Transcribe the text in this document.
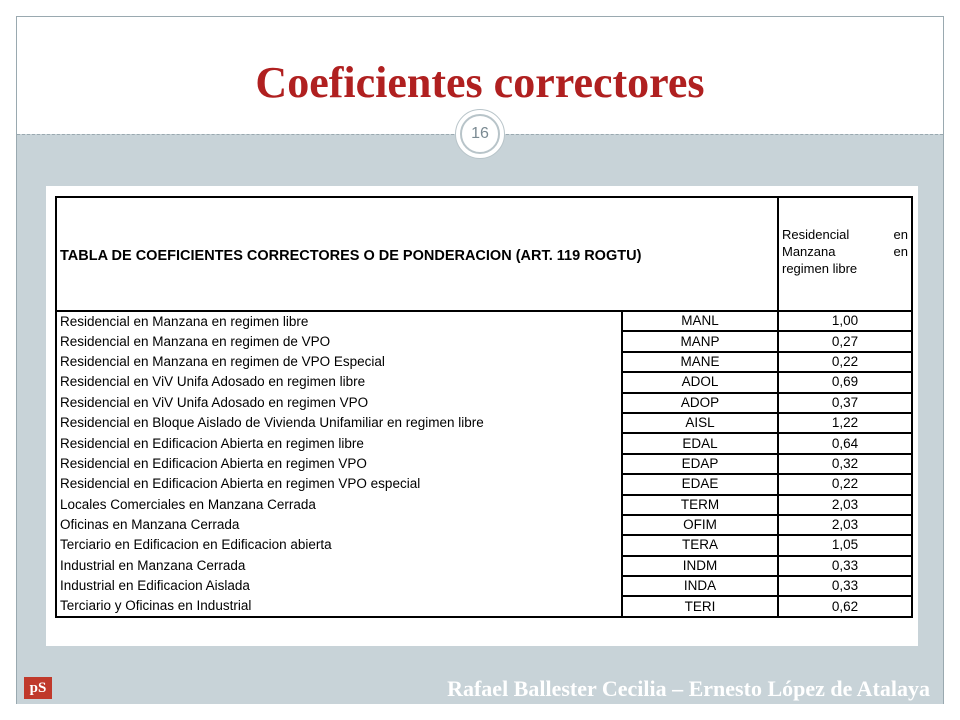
Coeficientes correctores
16
TABLA DE COEFICIENTES CORRECTORES O DE PONDERACION (ART. 119 ROGTU)		Residencial en
Manzana en
regimen libre

Residencial en Manzana en regimen libre	MANL	1,00
Residencial en Manzana en regimen de VPO	MANP	0,27
Residencial en Manzana en regimen de VPO Especial	MANE	0,22
Residencial en ViV Unifa Adosado en regimen libre	ADOL	0,69
Residencial en ViV Unifa Adosado en regimen VPO	ADOP	0,37
Residencial en Bloque Aislado de Vivienda Unifamiliar en regimen libre	AISL	1,22
Residencial en Edificacion Abierta en regimen libre	EDAL	0,64
Residencial en Edificacion Abierta en regimen VPO	EDAP	0,32
Residencial en Edificacion Abierta en regimen VPO especial	EDAE	0,22
Locales Comerciales en Manzana Cerrada	TERM	2,03
Oficinas en Manzana Cerrada	OFIM	2,03
Terciario en Edificacion en Edificacion abierta	TERA	1,05
Industrial en Manzana Cerrada	INDM	0,33
Industrial en Edificacion Aislada	INDA	0,33
Terciario y Oficinas en Industrial	TERI	0,62
pS	Rafael Ballester Cecilia – Ernesto López de Atalaya
